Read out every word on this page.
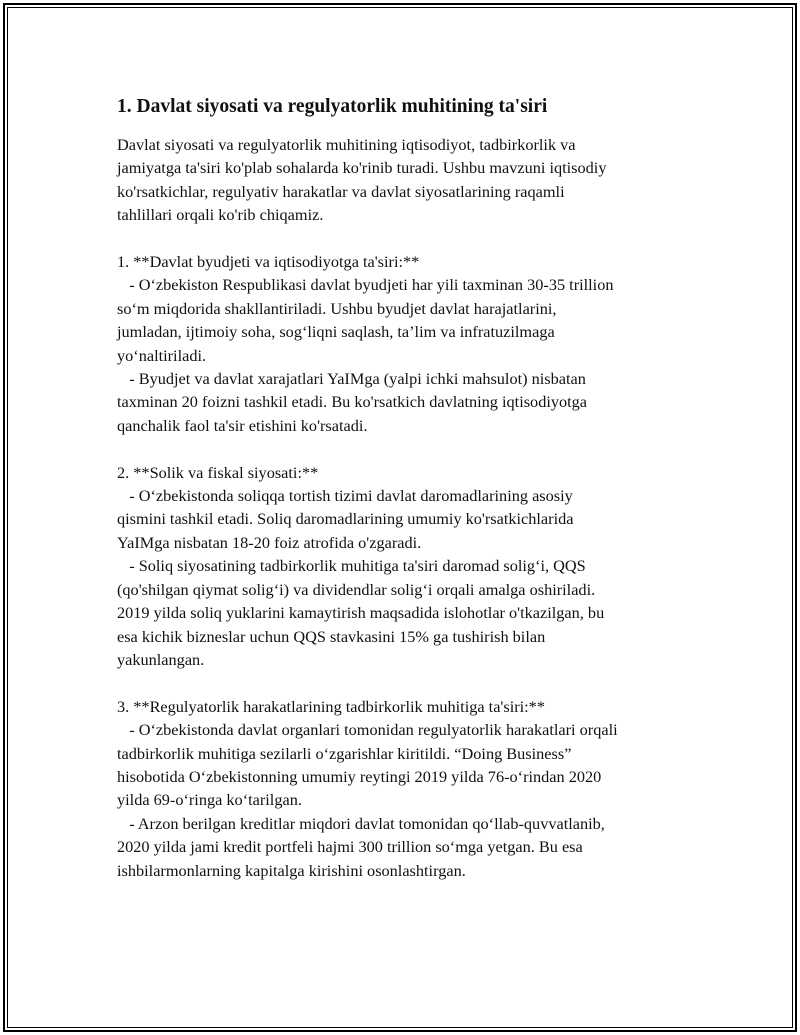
1. Davlat siyosati va regulyatorlik muhitining ta'siri

Davlat siyosati va regulyatorlik muhitining iqtisodiyot, tadbirkorlik va
jamiyatga ta'siri ko'plab sohalarda ko'rinib turadi. Ushbu mavzuni iqtisodiy
ko'rsatkichlar, regulyativ harakatlar va davlat siyosatlarining raqamli
tahlillari orqali ko'rib chiqamiz.

1. **Davlat byudjeti va iqtisodiyotga ta'siri:**
- O‘zbekiston Respublikasi davlat byudjeti har yili taxminan 30-35 trillion
so‘m miqdorida shakllantiriladi. Ushbu byudjet davlat harajatlarini,
jumladan, ijtimoiy soha, sog‘liqni saqlash, ta’lim va infratuzilmaga
yo‘naltiriladi.
- Byudjet va davlat xarajatlari YaIMga (yalpi ichki mahsulot) nisbatan
taxminan 20 foizni tashkil etadi. Bu ko'rsatkich davlatning iqtisodiyotga
qanchalik faol ta'sir etishini ko'rsatadi.

2. **Solik va fiskal siyosati:**
- O‘zbekistonda soliqqa tortish tizimi davlat daromadlarining asosiy
qismini tashkil etadi. Soliq daromadlarining umumiy ko'rsatkichlarida
YaIMga nisbatan 18-20 foiz atrofida o'zgaradi.
- Soliq siyosatining tadbirkorlik muhitiga ta'siri daromad solig‘i, QQS
(qo'shilgan qiymat solig‘i) va dividendlar solig‘i orqali amalga oshiriladi.
2019 yilda soliq yuklarini kamaytirish maqsadida islohotlar o'tkazilgan, bu
esa kichik bizneslar uchun QQS stavkasini 15% ga tushirish bilan
yakunlangan.

3. **Regulyatorlik harakatlarining tadbirkorlik muhitiga ta'siri:**
- O‘zbekistonda davlat organlari tomonidan regulyatorlik harakatlari orqali
tadbirkorlik muhitiga sezilarli o‘zgarishlar kiritildi. “Doing Business”
hisobotida O‘zbekistonning umumiy reytingi 2019 yilda 76-o‘rindan 2020
yilda 69-o‘ringa ko‘tarilgan.
- Arzon berilgan kreditlar miqdori davlat tomonidan qo‘llab-quvvatlanib,
2020 yilda jami kredit portfeli hajmi 300 trillion so‘mga yetgan. Bu esa
ishbilarmonlarning kapitalga kirishini osonlashtirgan.
